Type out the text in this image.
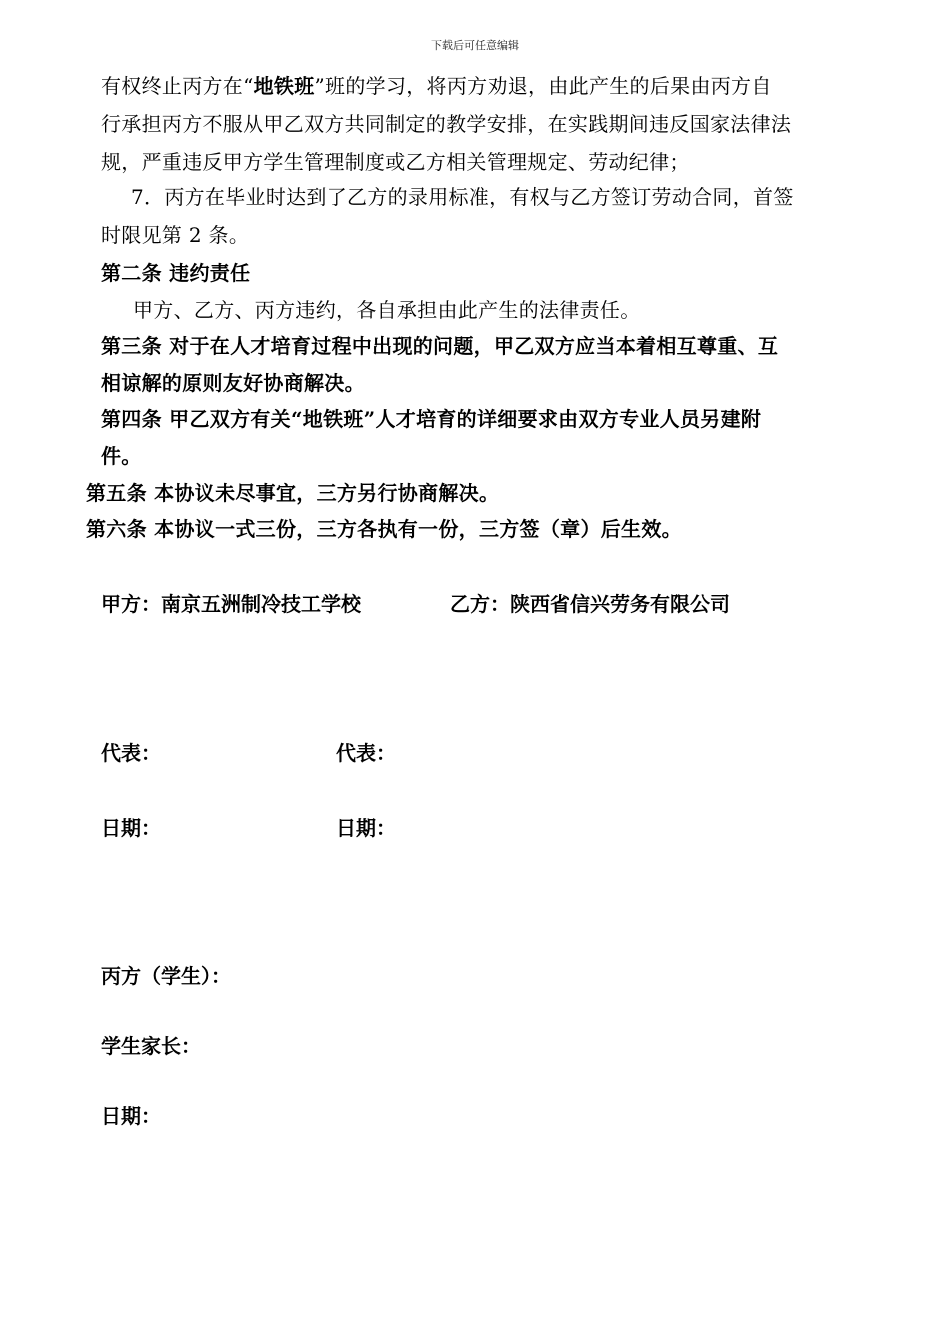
下载后可任意编辑
有权终止丙方在“地铁班”班的学习，将丙方劝退，由此产生的后果由丙方自
行承担丙方不服从甲乙双方共同制定的教学安排，在实践期间违反国家法律法
规，严重违反甲方学生管理制度或乙方相关管理规定、劳动纪律；
7．丙方在毕业时达到了乙方的录用标准，有权与乙方签订劳动合同，首签
时限见第 2 条。
第二条 违约责任
甲方、乙方、丙方违约，各自承担由此产生的法律责任。
第三条 对于在人才培育过程中出现的问题，甲乙双方应当本着相互尊重、互
相谅解的原则友好协商解决。
第四条 甲乙双方有关“地铁班”人才培育的详细要求由双方专业人员另建附
件。
第五条 本协议未尽事宜，三方另行协商解决。
第六条 本协议一式三份，三方各执有一份，三方签（章）后生效。
甲方：南京五洲制冷技工学校	乙方：陕西省信兴劳务有限公司
代表：	代表：
日期：	日期：
丙方（学生）：
学生家长：
日期：
